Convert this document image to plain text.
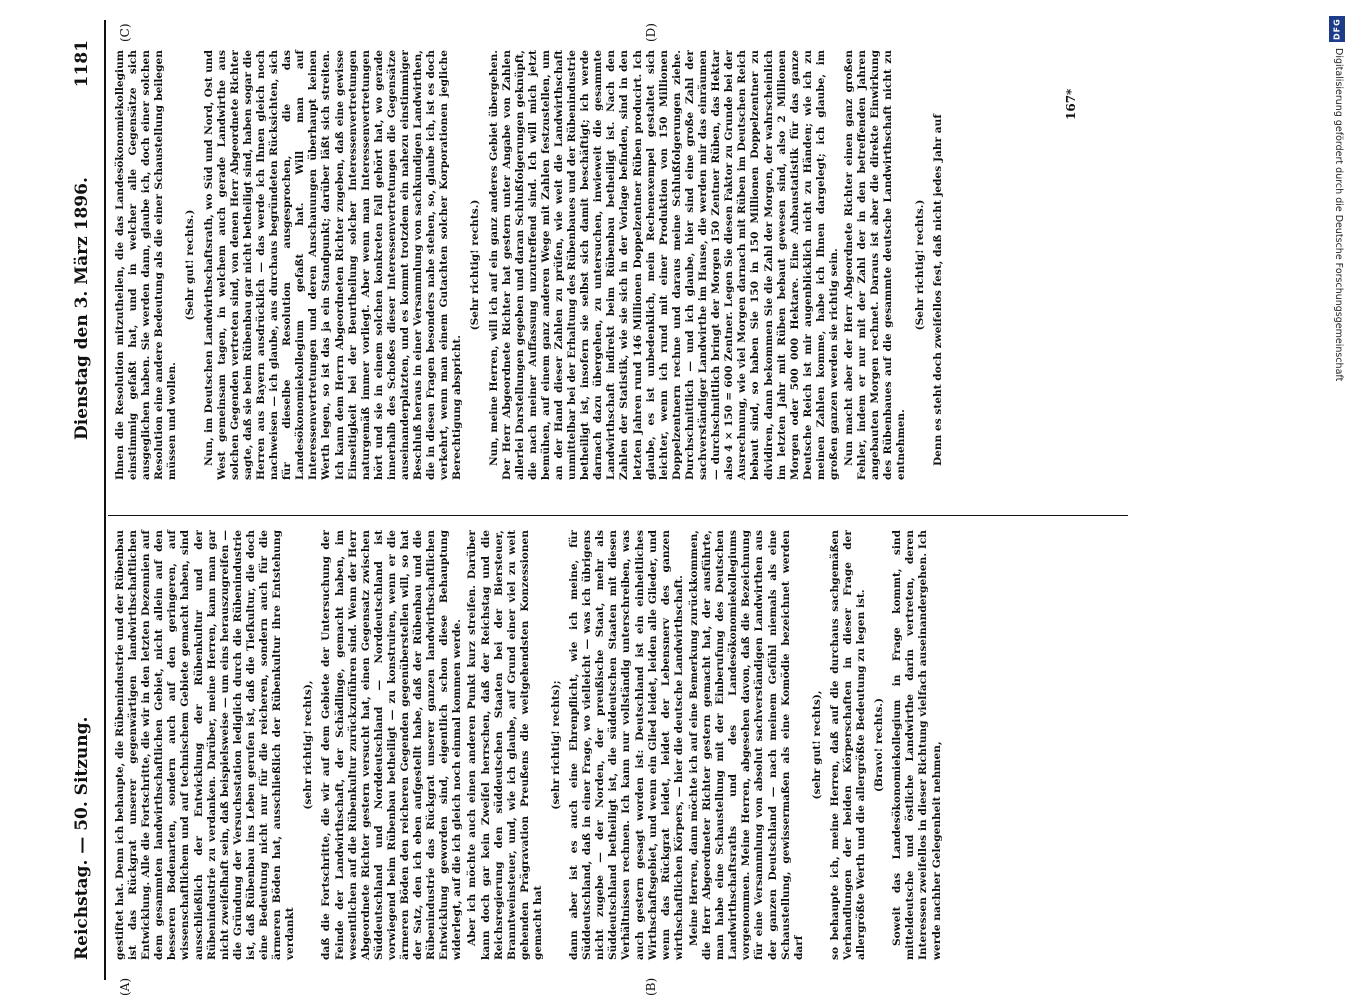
DFG
Digitalisierung gefördert durch die Deutsche Forschungsgemeinschaft
Reichstag. — 50. Sitzung.
Dienstag den 3. März 1896.
1181
(A)	(B)
(C)	(D)

gestiftet hat. Denn ich behaupte, die Rübenindustrie und der Rübenbau ist das Rückgrat unserer gegenwärtigen landwirthschaftlichen Entwicklung. Alle die Fortschritte, die wir in den letzten Dezennien auf dem gesammten landwirthschaftlichen Gebiet, nicht allein auf den besseren Bodenarten, sondern auch auf den geringeren, auf wissenschaftlichem und auf technischem Gebiete gemacht haben, sind ausschließlich der Entwicklung der Rübenkultur und der Rübenindustrie zu verdanken. Darüber, meine Herren, kann man gar nicht zweifelhaft sein, daß beispielsweise — um eins herauszugreifen — die Gründung der Versuchsstation lediglich durch die Rübenindustrie ist, daß Rübenbau ins Leben gerufen ist, daß die Tiefkultur, die doch eine Bedeutung nicht nur für die reicheren, sondern auch für die ärmeren Böden hat, ausschließlich der Rübenkultur ihre Entstehung verdankt

(sehr richtig! rechts), daß die Fortschritte, die wir auf dem Gebiete der Untersuchung der Feinde der Landwirthschaft, der Schädlinge, gemacht haben, im wesentlichen auf die Rübenkultur zurückzuführen sind. Wenn der Herr Abgeordnete Richter gestern versucht hat, einen Gegensatz zwischen Süddeutschland und Norddeutschland — Norddeutschland ist vorwiegend beim Rübenbau betheiligt — zu konstruiren, wenn er die ärmeren Böden den reicheren Gegenden gegenüberstellen will, so hat der Satz, den ich eben aufgestellt habe, daß der Rübenbau und die Rübenindustrie das Rückgrat unserer ganzen landwirthschaftlichen Entwicklung geworden sind, eigentlich schon diese Behauptung widerlegt, auf die ich gleich noch einmal kommen werde. Aber ich möchte auch einen anderen Punkt kurz streifen. Darüber kann doch gar kein Zweifel herrschen, daß der Reichstag und die Reichsregierung den süddeutschen Staaten bei der Biersteuer, Branntweinsteuer, und, wie ich glaube, auf Grund einer viel zu weit gehenden Prägravation Preußens die weitgehendsten Konzessionen gemacht hat

(sehr richtig! rechts); dann aber ist es auch eine Ehrenpflicht, wie ich meine, für Süddeutschland, daß in einer Frage, wo vielleicht — was ich übrigens nicht zugebe — der Norden, der preußische Staat, mehr als Süddeutschland betheiligt ist, die süddeutschen Staaten mit diesen Verhältnissen rechnen. Ich kann nur vollständig unterschreiben, was auch gestern gesagt worden ist: Deutschland ist ein einheitliches Wirthschaftsgebiet, und wenn ein Glied leidet, leiden alle Glieder, und wenn das Rückgrat leidet, leidet der Lebensnerv des ganzen wirthschaftlichen Körpers, — hier die deutsche Landwirthschaft. Meine Herren, dann möchte ich auf eine Bemerkung zurückkommen, die Herr Abgeordneter Richter gestern gemacht hat, der ausführte, man habe eine Schaustellung mit der Einberufung des Deutschen Landwirthschaftsraths und des Landesökonomiekollegiums vorgenommen. Meine Herren, abgesehen davon, daß die Bezeichnung für eine Versammlung von absolut sachverständigen Landwirthen aus der ganzen Deutschland — nach meinem Gefühl niemals als eine Schaustellung, gewissermaßen als eine Komödie bezeichnet werden darf

(sehr gut! rechts), so behaupte ich, meine Herren, daß auf die durchaus sachgemäßen Verhandlungen der beiden Körperschaften in dieser Frage der allergrößte Werth und die allergrößte Bedeutung zu legen ist. (Bravo! rechts.) Soweit das Landesökonomiekollegium in Frage kommt, sind mitteldeutsche und östliche Landwirthe darin vertreten, deren Interessen zweifellos in dieser Richtung vielfach auseinandergehen. Ich werde nachher Gelegenheit nehmen,

Ihnen die Resolution mitzutheilen, die das Landesökonomiekollegium einstimmig gefaßt hat, und in welcher alle Gegensätze sich ausgeglichen haben. Sie werden dann, glaube ich, doch einer solchen Resolution eine andere Bedeutung als die einer Schaustellung beilegen müssen und wollen.

(Sehr gut! rechts.) Nun, im Deutschen Landwirthschaftsrath, wo Süd und Nord, Ost und West gemeinsam tagen, in welchem auch gerade Landwirthe aus solchen Gegenden vertreten sind, von denen Herr Abgeordnete Richter sagte, daß sie beim Rübenbau gar nicht betheiligt sind, haben sogar die Herren aus Bayern ausdrücklich — das werde ich Ihnen gleich noch nachweisen — ich glaube, aus durchaus begründeten Rücksichten, sich für dieselbe Resolution ausgesprochen, die das Landesökonomiekollegium gefaßt hat. Will man auf Interessenvertretungen und deren Anschauungen überhaupt keinen Werth legen, so ist das ja ein Standpunkt; darüber läßt sich streiten. Ich kann dem Herrn Abgeordneten Richter zugeben, daß eine gewisse Einseitigkeit bei der Beurtheilung solcher Interessenvertretungen naturgemäß immer vorliegt. Aber wenn man Interessenvertretungen hört und sie in einem solchen konkreten Fall gehört hat, wo gerade innerhalb des Schoßes dieser Interessenvertretungen die Gegensätze auseinanderplatzten, und es kommt trotzdem ein nahezu einstimmiger Beschluß heraus in einer Versammlung von sachkundigen Landwirthen, die in diesen Fragen besonders nahe stehen, so, glaube ich, ist es doch verkehrt, wenn man einem Gutachten solcher Korporationen jegliche Berechtigung abspricht.

(Sehr richtig! rechts.) Nun, meine Herren, will ich auf ein ganz anderes Gebiet übergehen. Der Herr Abgeordnete Richter hat gestern unter Angabe von Zahlen allerlei Darstellungen gegeben und daran Schlußfolgerungen geknüpft, die nach meiner Auffassung unzutreffend sind. Ich will mich jetzt bemühen, auf einem ganz anderen Wege mit Zahlen festzustellen, um an der Hand dieser Zahlen zu prüfen, wie weit die Landwirthschaft unmittelbar bei der Erhaltung des Rübenbaues und der Rübenindustrie betheiligt ist, insofern sie selbst sich damit beschäftigt; ich werde darnach dazu übergehen, zu untersuchen, inwieweit die gesammte Landwirthschaft indirekt beim Rübenbau betheiligt ist. Nach den Zahlen der Statistik, wie sie sich in der Vorlage befinden, sind in den letzten Jahren rund 146 Millionen Doppelzentner Rüben producirt. Ich glaube, es ist unbedenklich, mein Rechenexempel gestaltet sich leichter, wenn ich rund mit einer Produktion von 150 Millionen Doppelzentnern rechne und daraus meine Schlußfolgerungen ziehe. Durchschnittlich — und ich glaube, hier sind eine große Zahl der sachverständiger Landwirthe im Hause, die werden mir das einräumen — durchschnittlich bringt der Morgen 150 Zentner Rüben, das Hektar also 4 × 150 = 600 Zentner. Legen Sie diesen Faktor zu Grunde bei der Ausrechnung, wie viel Morgen darnach mit Rüben im Deutschen Reich bebaut sind, so haben Sie 150 in 150 Millionen Doppelzentner zu dividiren, dann bekommen Sie die Zahl der Morgen, der wahrscheinlich im letzten Jahr mit Rüben bebaut gewesen sind, also 2 Millionen Morgen oder 500 000 Hektare. Eine Anbaustatistik für das ganze Deutsche Reich ist mir augenblicklich nicht zu Händen; wie ich zu meinen Zahlen komme, habe ich Ihnen dargelegt; ich glaube, im großen ganzen werden sie richtig sein. Nun macht aber der Herr Abgeordnete Richter einen ganz großen Fehler, indem er nur mit der Zahl der in den betreffenden Jahren angebauten Morgen rechnet. Daraus ist aber die direkte Einwirkung des Rübenbaues auf die gesammte deutsche Landwirthschaft nicht zu entnehmen.

(Sehr richtig! rechts.) Denn es steht doch zweifellos fest, daß nicht jedes Jahr auf

167*
